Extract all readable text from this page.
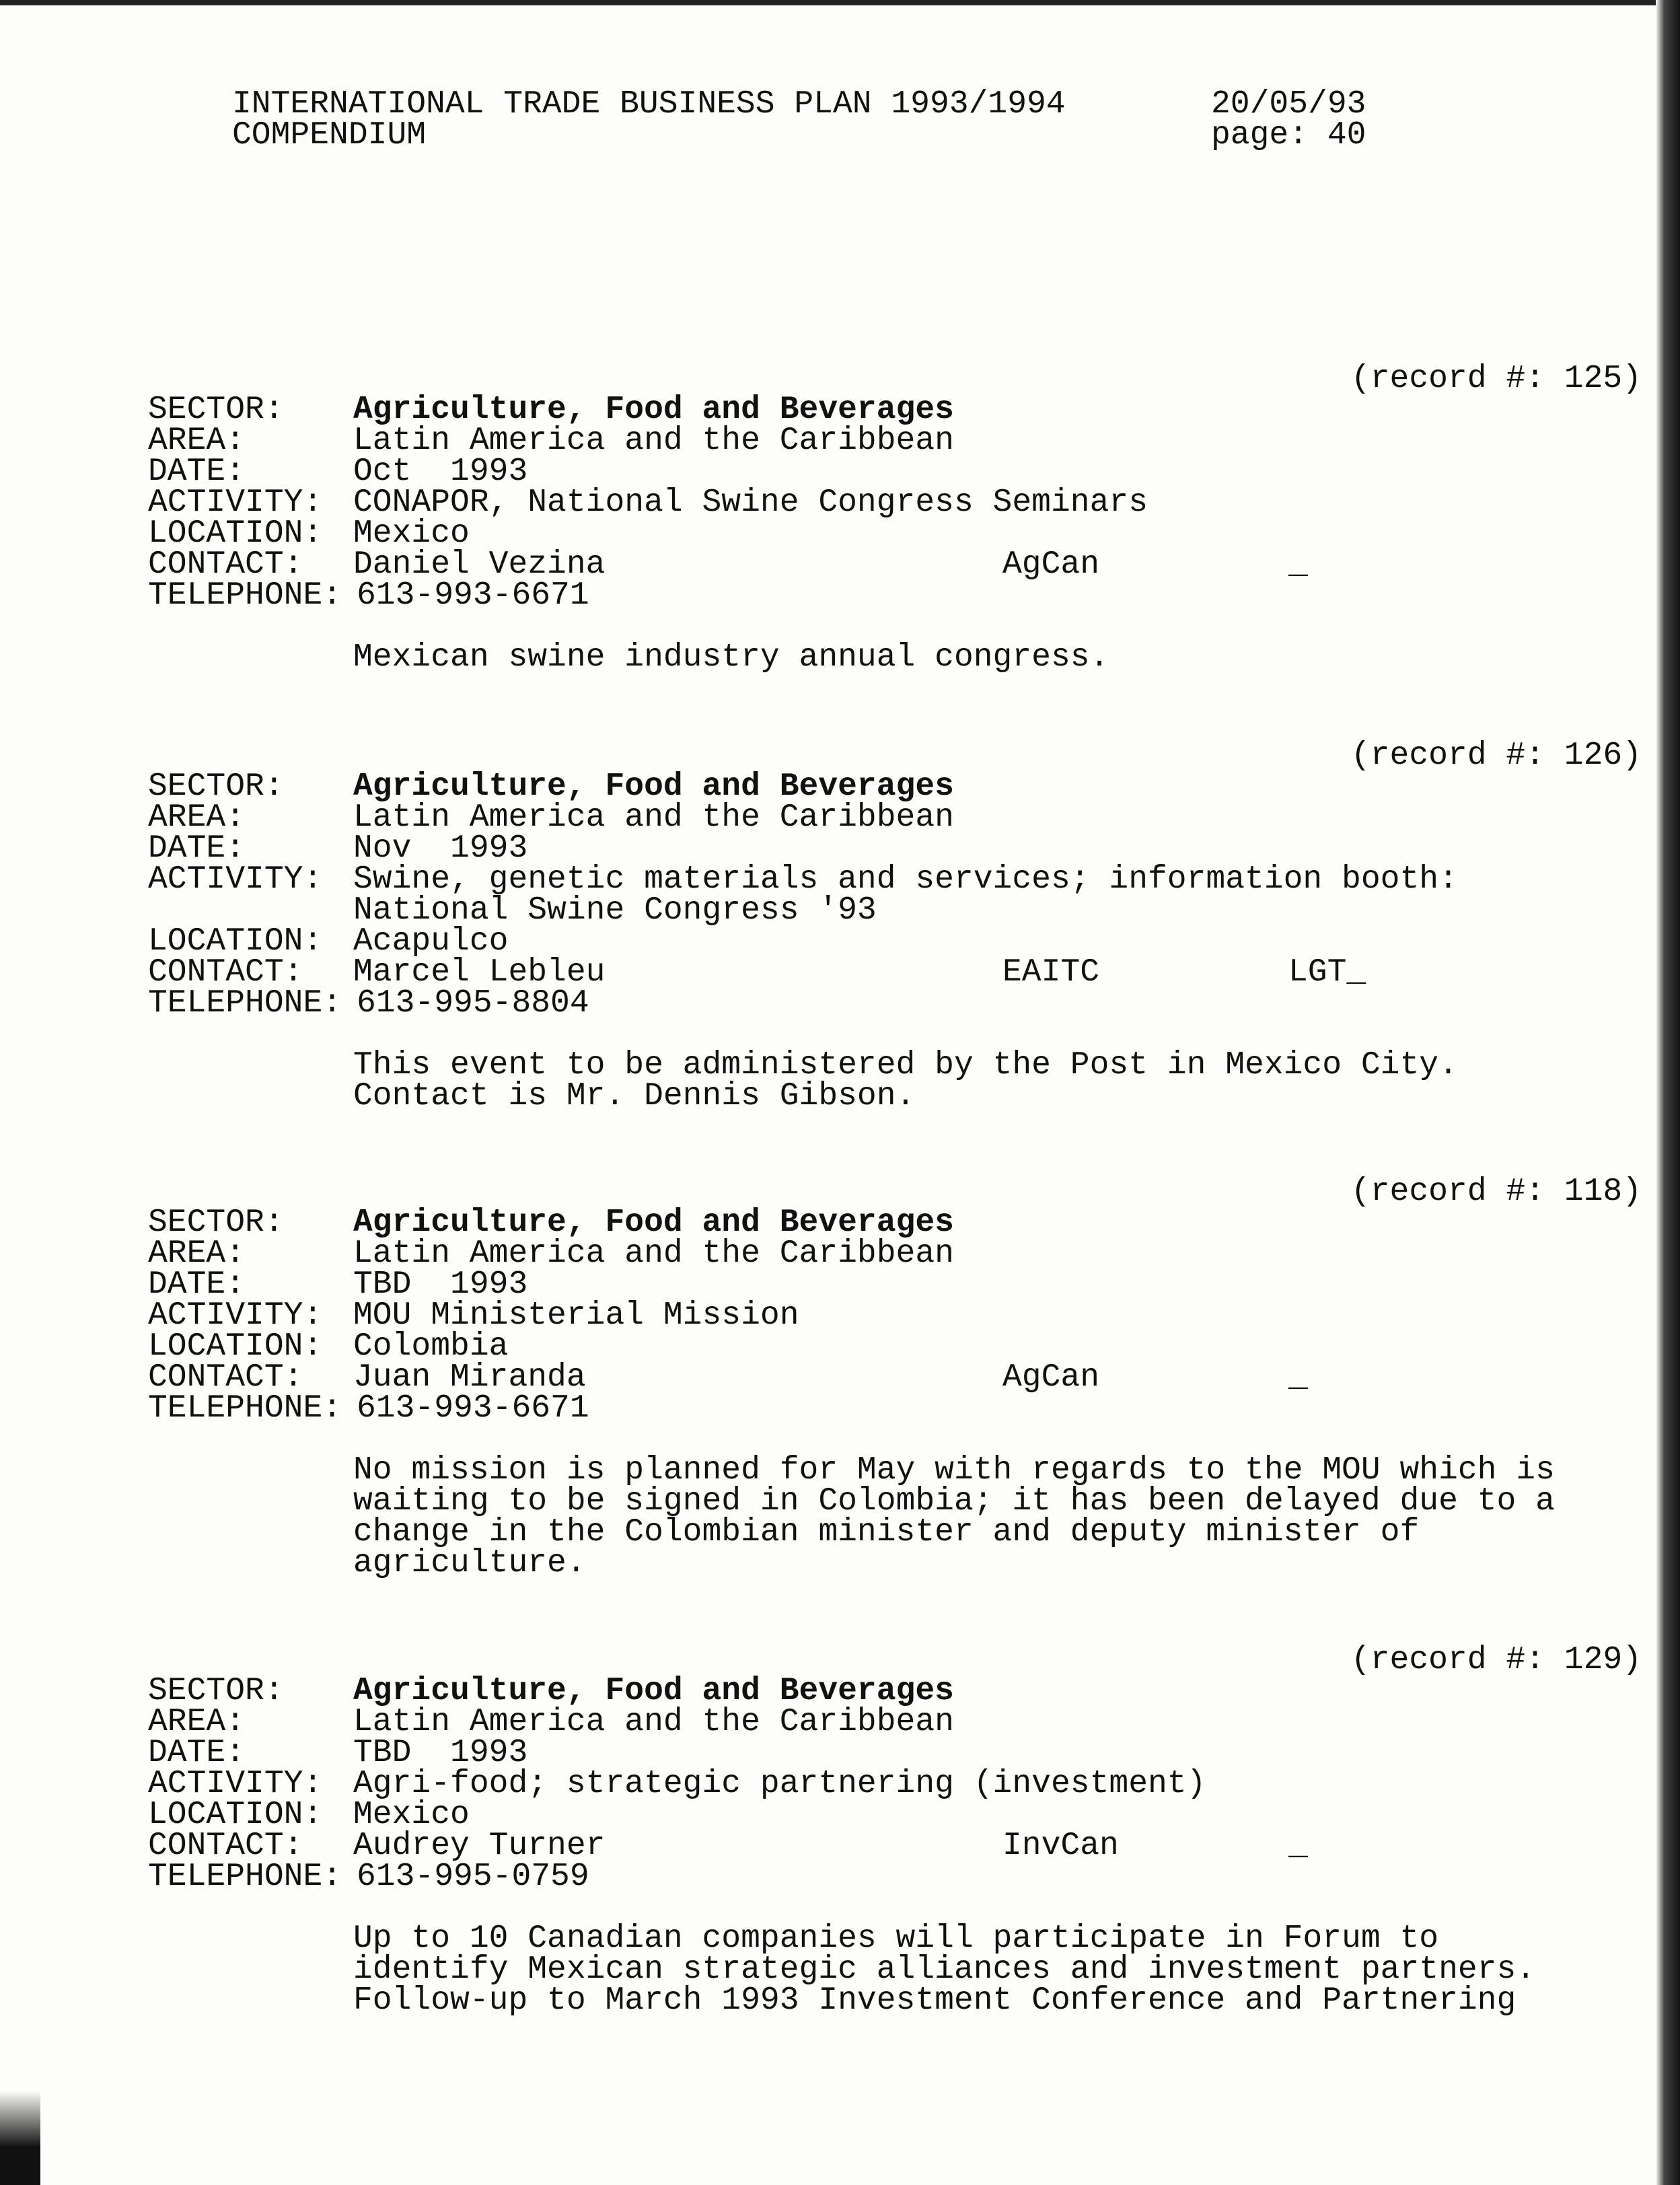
INTERNATIONAL TRADE BUSINESS PLAN 1993/1994
COMPENDIUM
20/05/93
page: 40
(record #: 125)
SECTOR: Agriculture, Food and Beverages
AREA:	Latin America and the Caribbean
DATE:	Oct  1993
ACTIVITY: CONAPOR, National Swine Congress Seminars
LOCATION: Mexico
CONTACT: Daniel Vezina	AgCan	_
TELEPHONE: 613-993-6671
Mexican swine industry annual congress.
(record #: 126)
SECTOR: Agriculture, Food and Beverages
AREA:	Latin America and the Caribbean
DATE:	Nov  1993
ACTIVITY: Swine, genetic materials and services; information booth:
National Swine Congress '93
LOCATION: Acapulco
CONTACT: Marcel Lebleu	EAITC	LGT_
TELEPHONE: 613-995-8804
This event to be administered by the Post in Mexico City.
Contact is Mr. Dennis Gibson.
(record #: 118)
SECTOR: Agriculture, Food and Beverages
AREA:	Latin America and the Caribbean
DATE:	TBD  1993
ACTIVITY: MOU Ministerial Mission
LOCATION: Colombia
CONTACT: Juan Miranda	AgCan	_
TELEPHONE: 613-993-6671
No mission is planned for May with regards to the MOU which is
waiting to be signed in Colombia; it has been delayed due to a
change in the Colombian minister and deputy minister of
agriculture.
(record #: 129)
SECTOR: Agriculture, Food and Beverages
AREA:	Latin America and the Caribbean
DATE:	TBD  1993
ACTIVITY: Agri-food; strategic partnering (investment)
LOCATION: Mexico
CONTACT: Audrey Turner	InvCan	_
TELEPHONE: 613-995-0759
Up to 10 Canadian companies will participate in Forum to
identify Mexican strategic alliances and investment partners.
Follow-up to March 1993 Investment Conference and Partnering
